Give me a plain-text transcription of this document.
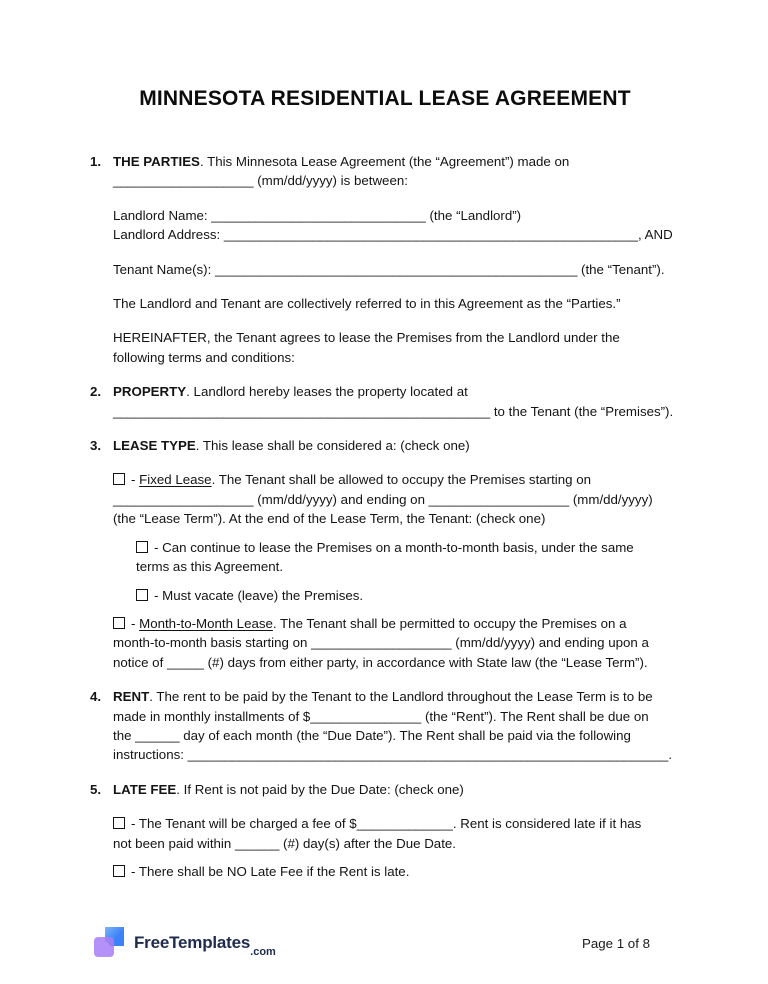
MINNESOTA RESIDENTIAL LEASE AGREEMENT
1. THE PARTIES. This Minnesota Lease Agreement (the “Agreement”) made on
___________________ (mm/dd/yyyy) is between:
Landlord Name: _____________________________ (the “Landlord”)
Landlord Address: ________________________________________________________, AND
Tenant Name(s): _________________________________________________ (the “Tenant”).
The Landlord and Tenant are collectively referred to in this Agreement as the “Parties.”
HEREINAFTER, the Tenant agrees to lease the Premises from the Landlord under the
following terms and conditions:
2. PROPERTY. Landlord hereby leases the property located at
___________________________________________________ to the Tenant (the “Premises”).
3. LEASE TYPE. This lease shall be considered a: (check one)
- Fixed Lease. The Tenant shall be allowed to occupy the Premises starting on
___________________ (mm/dd/yyyy) and ending on ___________________ (mm/dd/yyyy)
(the “Lease Term”). At the end of the Lease Term, the Tenant: (check one)
- Can continue to lease the Premises on a month-to-month basis, under the same
terms as this Agreement.
- Must vacate (leave) the Premises.
- Month-to-Month Lease. The Tenant shall be permitted to occupy the Premises on a
month-to-month basis starting on ___________________ (mm/dd/yyyy) and ending upon a
notice of _____ (#) days from either party, in accordance with State law (the “Lease Term”).
4. RENT. The rent to be paid by the Tenant to the Landlord throughout the Lease Term is to be
made in monthly installments of $_______________ (the “Rent”). The Rent shall be due on
the ______ day of each month (the “Due Date”). The Rent shall be paid via the following
instructions: _________________________________________________________________.
5. LATE FEE. If Rent is not paid by the Due Date: (check one)
- The Tenant will be charged a fee of $_____________. Rent is considered late if it has
not been paid within ______ (#) day(s) after the Due Date.
- There shall be NO Late Fee if the Rent is late.
FreeTemplates .com
Page 1 of 8
